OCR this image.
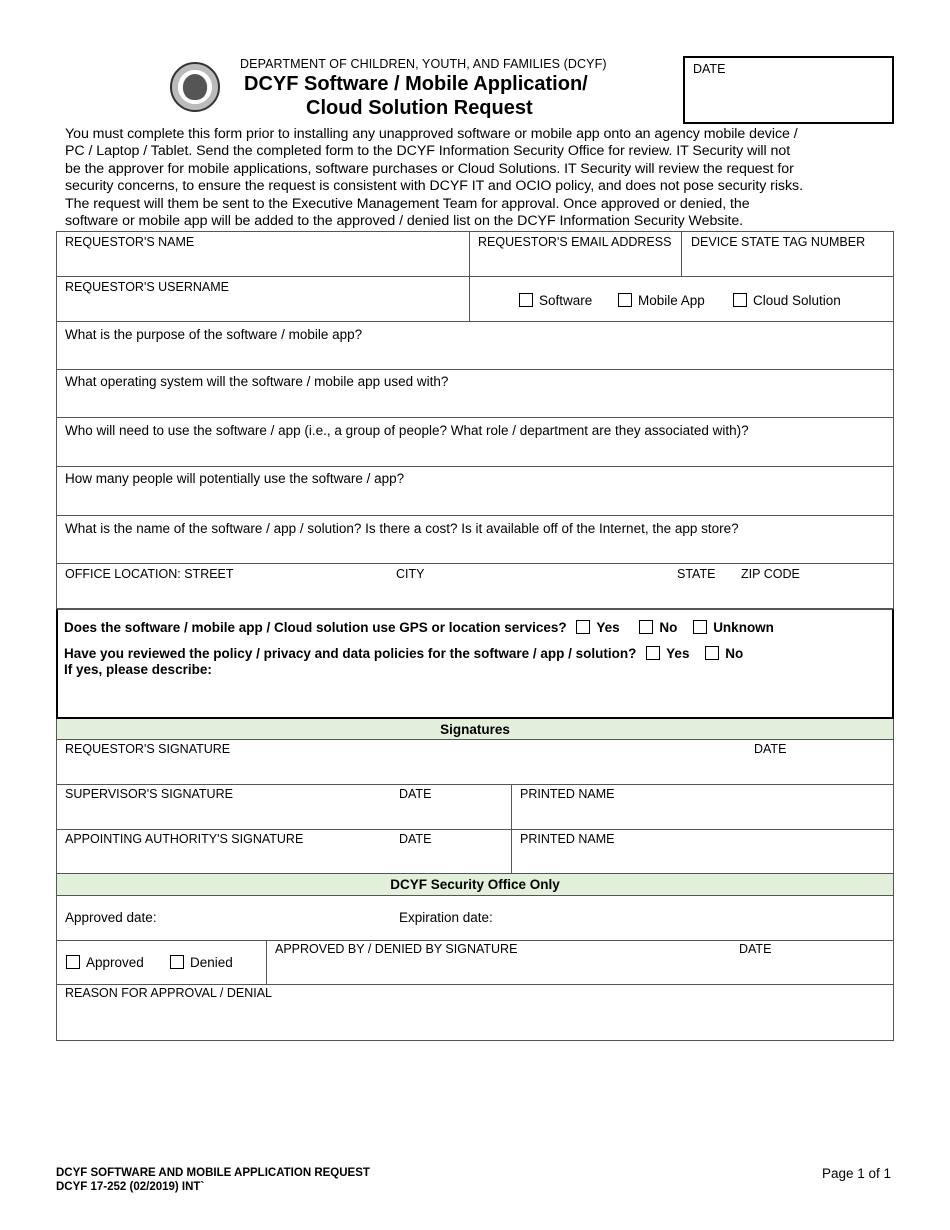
DEPARTMENT OF CHILDREN, YOUTH, AND FAMILIES (DCYF)
DCYF Software / Mobile Application/
Cloud Solution Request
DATE

You must complete this form prior to installing any unapproved software or mobile app onto an agency mobile device /

PC / Laptop / Tablet. Send the completed form to the DCYF Information Security Office for review. IT Security will not

be the approver for mobile applications, software purchases or Cloud Solutions. IT Security will review the request for

security concerns, to ensure the request is consistent with DCYF IT and OCIO policy, and does not pose security risks.

The request will them be sent to the Executive Management Team for approval. Once approved or denied, the

software or mobile app will be added to the approved / denied list on the DCYF Information Security Website.

REQUESTOR'S NAME	REQUESTOR'S EMAIL ADDRESS DEVICE STATE TAG NUMBER
REQUESTOR'S USERNAME
Software	Mobile App	Cloud Solution
What is the purpose of the software / mobile app?
What operating system will the software / mobile app used with?
Who will need to use the software / app (i.e., a group of people? What role / department are they associated with)?
How many people will potentially use the software / app?
What is the name of the software / app / solution? Is there a cost? Is it available off of the Internet, the app store?
OFFICE LOCATION: STREET	CITY	STATE ZIP CODE
Does the software / mobile app / Cloud solution use GPS or location services? Yes	No	Unknown
Have you reviewed the policy / privacy and data policies for the software / app / solution? Yes	No
If yes, please describe:
Signatures
REQUESTOR'S SIGNATURE	DATE
SUPERVISOR'S SIGNATURE	DATE	PRINTED NAME
APPOINTING AUTHORITY'S SIGNATURE	DATE	PRINTED NAME
DCYF Security Office Only
Approved date:	Expiration date:
Approved	Denied
APPROVED BY / DENIED BY SIGNATURE	DATE
REASON FOR APPROVAL / DENIAL
DCYF SOFTWARE AND MOBILE APPLICATION REQUEST
DCYF 17-252 (02/2019) INT`
Page 1 of 1
